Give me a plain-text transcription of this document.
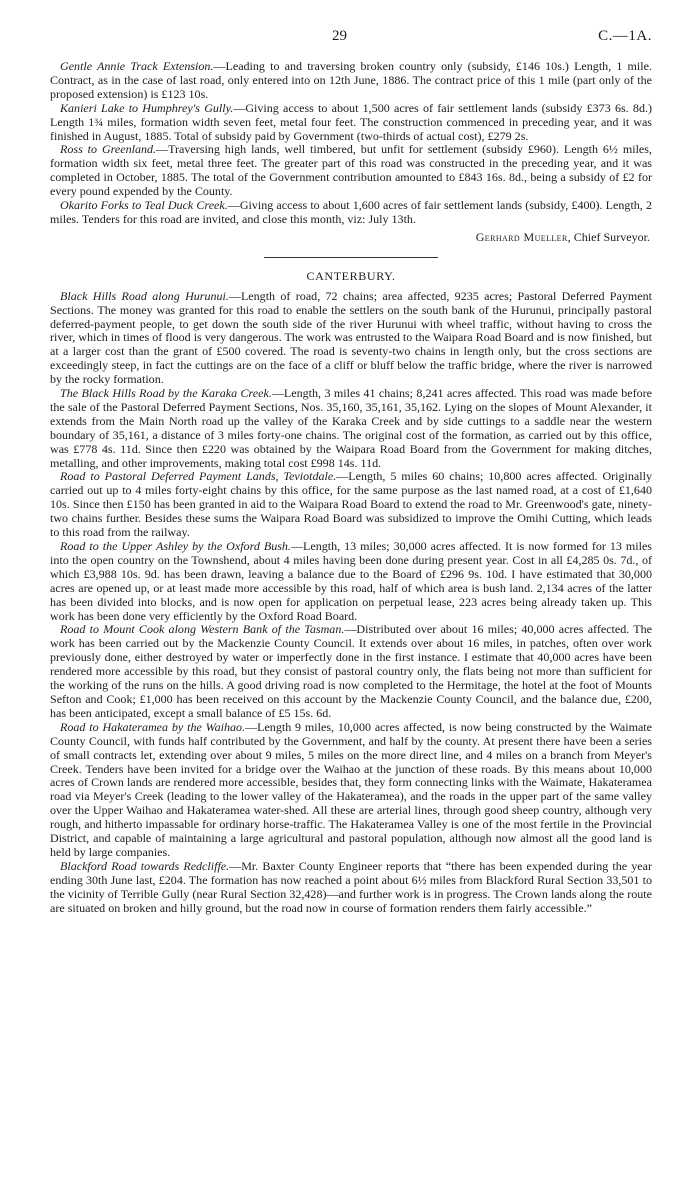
29	C.—1A.

Gentle Annie Track Extension.—Leading to and traversing broken country only (subsidy, £146 10s.) Length, 1 mile. Contract, as in the case of last road, only entered into on 12th June, 1886. The contract price of this 1 mile (part only of the proposed extension) is £123 10s.

Kanieri Lake to Humphrey's Gully.—Giving access to about 1,500 acres of fair settlement lands (subsidy £373 6s. 8d.) Length 1¾ miles, formation width seven feet, metal four feet. The construction commenced in preceding year, and it was finished in August, 1885. Total of subsidy paid by Government (two-thirds of actual cost), £279 2s.

Ross to Greenland.—Traversing high lands, well timbered, but unfit for settlement (subsidy £960). Length 6½ miles, formation width six feet, metal three feet. The greater part of this road was constructed in the preceding year, and it was completed in October, 1885. The total of the Government contribution amounted to £843 16s. 8d., being a subsidy of £2 for every pound expended by the County.

Okarito Forks to Teal Duck Creek.—Giving access to about 1,600 acres of fair settlement lands (subsidy, £400). Length, 2 miles. Tenders for this road are invited, and close this month, viz: July 13th.

Gerhard Mueller, Chief Surveyor.
CANTERBURY.

Black Hills Road along Hurunui.—Length of road, 72 chains; area affected, 9235 acres; Pastoral Deferred Payment Sections. The money was granted for this road to enable the settlers on the south bank of the Hurunui, principally pastoral deferred-payment people, to get down the south side of the river Hurunui with wheel traffic, without having to cross the river, which in times of flood is very dangerous. The work was entrusted to the Waipara Road Board and is now finished, but at a larger cost than the grant of £500 covered. The road is seventy-two chains in length only, but the cross sections are exceedingly steep, in fact the cuttings are on the face of a cliff or bluff below the traffic bridge, where the river is narrowed by the rocky formation.

The Black Hills Road by the Karaka Creek.—Length, 3 miles 41 chains; 8,241 acres affected. This road was made before the sale of the Pastoral Deferred Payment Sections, Nos. 35,160, 35,161, 35,162. Lying on the slopes of Mount Alexander, it extends from the Main North road up the valley of the Karaka Creek and by side cuttings to a saddle near the western boundary of 35,161, a distance of 3 miles forty-one chains. The original cost of the formation, as carried out by this office, was £778 4s. 11d. Since then £220 was obtained by the Waipara Road Board from the Government for making ditches, metalling, and other improvements, making total cost £998 14s. 11d.

Road to Pastoral Deferred Payment Lands, Teviotdale.—Length, 5 miles 60 chains; 10,800 acres affected. Originally carried out up to 4 miles forty-eight chains by this office, for the same purpose as the last named road, at a cost of £1,640 10s. Since then £150 has been granted in aid to the Waipara Road Board to extend the road to Mr. Greenwood's gate, ninety-two chains further. Besides these sums the Waipara Road Board was subsidized to improve the Omihi Cutting, which leads to this road from the railway.

Road to the Upper Ashley by the Oxford Bush.—Length, 13 miles; 30,000 acres affected. It is now formed for 13 miles into the open country on the Townshend, about 4 miles having been done during present year. Cost in all £4,285 0s. 7d., of which £3,988 10s. 9d. has been drawn, leaving a balance due to the Board of £296 9s. 10d. I have estimated that 30,000 acres are opened up, or at least made more accessible by this road, half of which area is bush land. 2,134 acres of the latter has been divided into blocks, and is now open for application on perpetual lease, 223 acres being already taken up. This work has been done very efficiently by the Oxford Road Board.

Road to Mount Cook along Western Bank of the Tasman.—Distributed over about 16 miles; 40,000 acres affected. The work has been carried out by the Mackenzie County Council. It extends over about 16 miles, in patches, often over work previously done, either destroyed by water or imperfectly done in the first instance. I estimate that 40,000 acres have been rendered more accessible by this road, but they consist of pastoral country only, the flats being not more than sufficient for the working of the runs on the hills. A good driving road is now completed to the Hermitage, the hotel at the foot of Mounts Sefton and Cook; £1,000 has been received on this account by the Mackenzie County Council, and the balance due, £200, has been anticipated, except a small balance of £5 15s. 6d.

Road to Hakateramea by the Waihao.—Length 9 miles, 10,000 acres affected, is now being constructed by the Waimate County Council, with funds half contributed by the Government, and half by the county. At present there have been a series of small contracts let, extending over about 9 miles, 5 miles on the more direct line, and 4 miles on a branch from Meyer's Creek. Tenders have been invited for a bridge over the Waihao at the junction of these roads. By this means about 10,000 acres of Crown lands are rendered more accessible, besides that, they form connecting links with the Waimate, Hakateramea road via Meyer's Creek (leading to the lower valley of the Hakateramea), and the roads in the upper part of the same valley over the Upper Waihao and Hakateramea water-shed. All these are arterial lines, through good sheep country, although very rough, and hitherto impassable for ordinary horse-traffic. The Hakateramea Valley is one of the most fertile in the Provincial District, and capable of maintaining a large agricultural and pastoral population, although now almost all the good land is held by large companies.

Blackford Road towards Redcliffe.—Mr. Baxter County Engineer reports that “there has been expended during the year ending 30th June last, £204. The formation has now reached a point about 6½ miles from Blackford Rural Section 33,501 to the vicinity of Terrible Gully (near Rural Section 32,428)—and further work is in progress. The Crown lands along the route are situated on broken and hilly ground, but the road now in course of formation renders them fairly accessible.”
